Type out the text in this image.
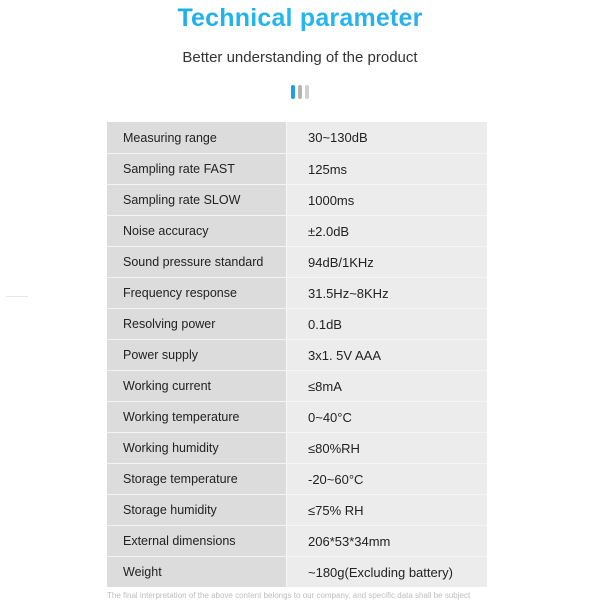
Technical parameter
Better understanding of the product
Measuring range	30~130dB
Sampling rate FAST	125ms
Sampling rate SLOW	1000ms
Noise accuracy	±2.0dB
Sound pressure standard	94dB/1KHz
Frequency response	31.5Hz~8KHz
Resolving power	0.1dB
Power supply	3x1. 5V AAA
Working current	≤8mA
Working temperature	0~40°C
Working humidity	≤80%RH
Storage temperature	-20~60°C
Storage humidity	≤75% RH
External dimensions	206*53*34mm
Weight	~180g(Excluding battery)
The final interpretation of the above content belongs to our company, and specific data shall be subject
